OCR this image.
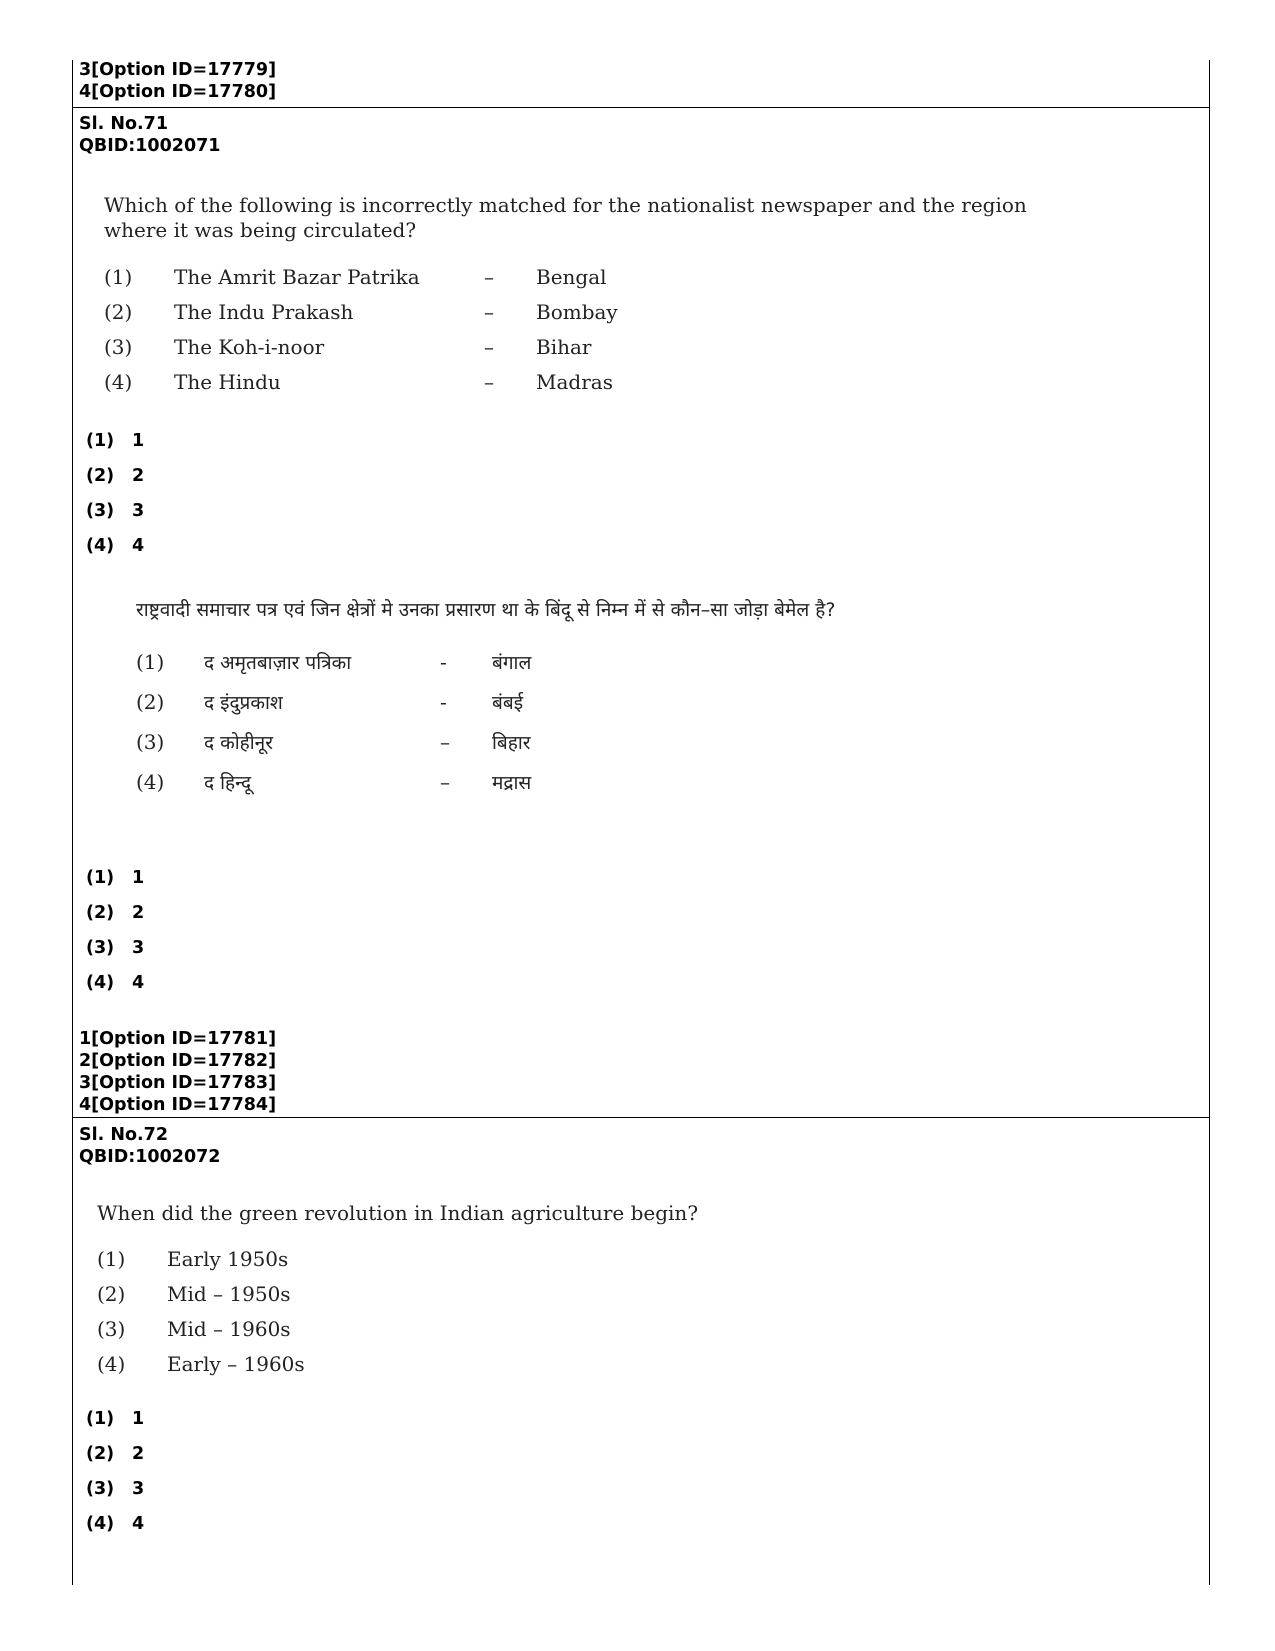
3[Option ID=17779]
4[Option ID=17780]
Sl. No.71
QBID:1002071
Which of the following is incorrectly matched for the nationalist newspaper and the region
where it was being circulated?
(1)	The Amrit Bazar Patrika	–	Bengal
(2)	The Indu Prakash	–	Bombay
(3)	The Koh-i-noor	–	Bihar
(4)	The Hindu	–	Madras
(1) 1
(2) 2
(3) 3
(4) 4
राष्ट्रवादी समाचार पत्र एवं जिन क्षेत्रों मे उनका प्रसारण था के बिंदू से निम्न में से कौन–सा जोड़ा बेमेल है?
(1)	द अमृतबाज़ार पत्रिका	-	बंगाल
(2)	द इंदुप्रकाश	-	बंबई
(3)	द कोहीनूर	–	बिहार
(4)	द हिन्दू	–	मद्रास
(1) 1
(2) 2
(3) 3
(4) 4
1[Option ID=17781]
2[Option ID=17782]
3[Option ID=17783]
4[Option ID=17784]
Sl. No.72
QBID:1002072
When did the green revolution in Indian agriculture begin?
(1)	Early 1950s
(2)	Mid – 1950s
(3)	Mid – 1960s
(4)	Early – 1960s
(1) 1
(2) 2
(3) 3
(4) 4
